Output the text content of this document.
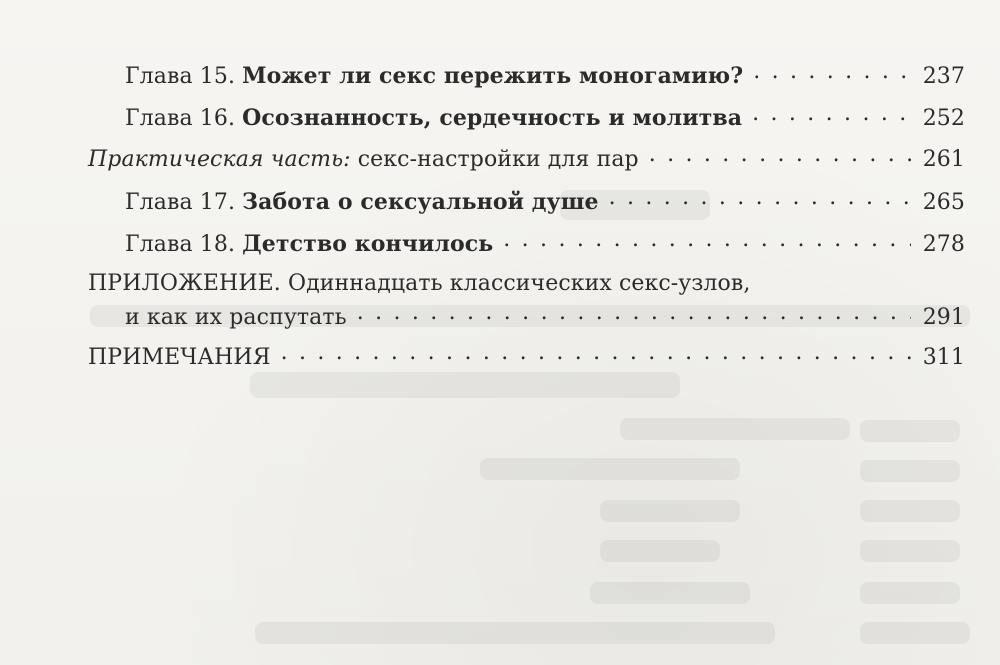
Глава 15. Может ли секс пережить моногамию? . . .	237
Глава 16. Осознанность, сердечность и молитва . . .	252
Практическая часть: секс-настройки для пар . . .	261
Глава 17. Забота о сексуальной душе . . .	265
Глава 18. Детство кончилось . . .	278
ПРИЛОЖЕНИЕ. Одиннадцать классических секс-узлов,
и как их распутать . . .	291
ПРИМЕЧАНИЯ . . .	311
